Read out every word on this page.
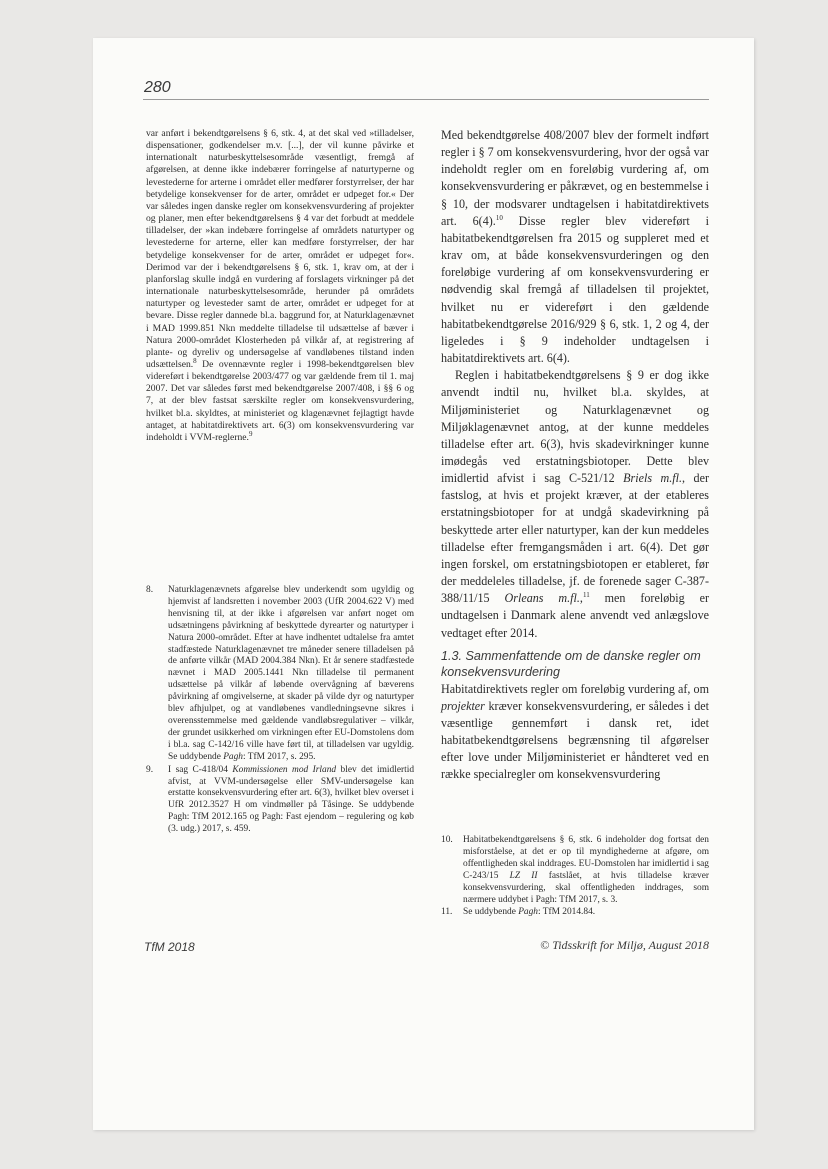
280

var anført i bekendtgørelsens § 6, stk. 4, at det skal ved »tilladelser, dispensationer, godkendelser m.v. [...], der vil kunne påvirke et internationalt naturbeskyttelsesområde væsentligt, fremgå af afgørelsen, at denne ikke indebærer forringelse af naturtyperne og levestederne for arterne i området eller medfører forstyrrelser, der har betydelige konsekvenser for de arter, området er udpeget for.« Der var således ingen danske regler om konsekvensvurdering af projekter og planer, men efter bekendtgørelsens § 4 var det forbudt at meddele tilladelser, der »kan indebære forringelse af områdets naturtyper og levestederne for arterne, eller kan medføre forstyrrelser, der har betydelige konsekvenser for de arter, området er udpeget for«. Derimod var der i bekendtgørelsens § 6, stk. 1, krav om, at der i planforslag skulle indgå en vurdering af forslagets virkninger på det internationale naturbeskyttelsesområde, herunder på områdets naturtyper og levesteder samt de arter, området er udpeget for at bevare. Disse regler dannede bl.a. baggrund for, at Naturklagenævnet i MAD 1999.851 Nkn meddelte tilladelse til udsættelse af bæver i Natura 2000-området Klosterheden på vilkår af, at registrering af plante- og dyreliv og undersøgelse af vandløbenes tilstand inden udsættelsen.$^8$ De ovennævnte regler i 1998-bekendtgørelsen blev videreført i bekendtgørelse 2003/477 og var gældende frem til 1. maj 2007. Det var således først med bekendtgørelse 2007/408, i §§ 6 og 7, at der blev fastsat særskilte regler om konsekvensvurdering, hvilket bl.a. skyldtes, at ministeriet og klagenævnet fejlagtigt havde antaget, at habitatdirektivets art. 6(3) om konsekvensvurdering var indeholdt i VVM-reglerne.$^9$

8.	Naturklagenævnets afgørelse blev underkendt som ugyldig og hjemvist af landsretten i november 2003 (UfR 2004.622 V) med henvisning til, at der ikke i afgørelsen var anført noget om udsætningens påvirkning af beskyttede dyrearter og naturtyper i Natura 2000-området. Efter at have indhentet udtalelse fra amtet stadfæstede Naturklagenævnet tre måneder senere tilladelsen på de anførte vilkår (MAD 2004.384 Nkn). Et år senere stadfæstede nævnet i MAD 2005.1441 Nkn tilladelse til permanent udsættelse på vilkår af løbende overvågning af bæverens påvirkning af omgivelserne, at skader på vilde dyr og naturtyper blev afhjulpet, og at vandløbenes vandledningsevne sikres i overensstemmelse med gældende vandløbsregulativer – vilkår, der grundet usikkerhed om virkningen efter EU-Domstolens dom i bl.a. sag C-142/16 ville have ført til, at tilladelsen var ugyldig. Se uddybende Pagh: TfM 2017, s. 295.
9.	I sag C-418/04 Kommissionen mod Irland blev det imidlertid afvist, at VVM-undersøgelse eller SMV-undersøgelse kan erstatte konsekvensvurdering efter art. 6(3), hvilket blev overset i UfR 2012.3527 H om vindmøller på Tåsinge. Se uddybende Pagh: TfM 2012.165 og Pagh: Fast ejendom – regulering og køb (3. udg.) 2017, s. 459.

Med bekendtgørelse 408/2007 blev der formelt indført regler i § 7 om konsekvensvurdering, hvor der også var indeholdt regler om en foreløbig vurdering af, om konsekvensvurdering er påkrævet, og en bestemmelse i § 10, der modsvarer undtagelsen i habitatdirektivets art. 6(4).$^{10}$ Disse regler blev videreført i habitatbekendtgørelsen fra 2015 og suppleret med et krav om, at både konsekvensvurderingen og den foreløbige vurdering af om konsekvensvurdering er nødvendig skal fremgå af tilladelsen til projektet, hvilket nu er videreført i den gældende habitatbekendtgørelse 2016/929 § 6, stk. 1, 2 og 4, der ligeledes i § 9 indeholder undtagelsen i habitatdirektivets art. 6(4).

Reglen i habitatbekendtgørelsens § 9 er dog ikke anvendt indtil nu, hvilket bl.a. skyldes, at Miljøministeriet og Naturklagenævnet og Miljøklagenævnet antog, at der kunne meddeles tilladelse efter art. 6(3), hvis skadevirkninger kunne imødegås ved erstatningsbiotoper. Dette blev imidlertid afvist i sag C-521/12 Briels m.fl., der fastslog, at hvis et projekt kræver, at der etableres erstatningsbiotoper for at undgå skadevirkning på beskyttede arter eller naturtyper, kan der kun meddeles tilladelse efter fremgangsmåden i art. 6(4). Det gør ingen forskel, om erstatningsbiotopen er etableret, før der meddeleles tilladelse, jf. de forenede sager C-387-388/11/15 Orleans m.fl.,$^{11}$ men foreløbig er undtagelsen i Danmark alene anvendt ved anlægslove vedtaget efter 2014.

1.3. Sammenfattende om de danske regler om konsekvensvurdering

Habitatdirektivets regler om foreløbig vurdering af, om projekter kræver konsekvensvurdering, er således i det væsentlige gennemført i dansk ret, idet habitatbekendtgørelsens begrænsning til afgørelser efter love under Miljøministeriet er håndteret ved en række specialregler om konsekvensvurdering

10.	Habitatbekendtgørelsens § 6, stk. 6 indeholder dog fortsat den misforståelse, at det er op til myndighederne at afgøre, om offentligheden skal inddrages. EU-Domstolen har imidlertid i sag C-243/15 LZ II fastslået, at hvis tilladelse kræver konsekvensvurdering, skal offentligheden inddrages, som nærmere uddybet i Pagh: TfM 2017, s. 3.
11.	Se uddybende Pagh: TfM 2014.84.
TfM 2018	© Tidsskrift for Miljø, August 2018
